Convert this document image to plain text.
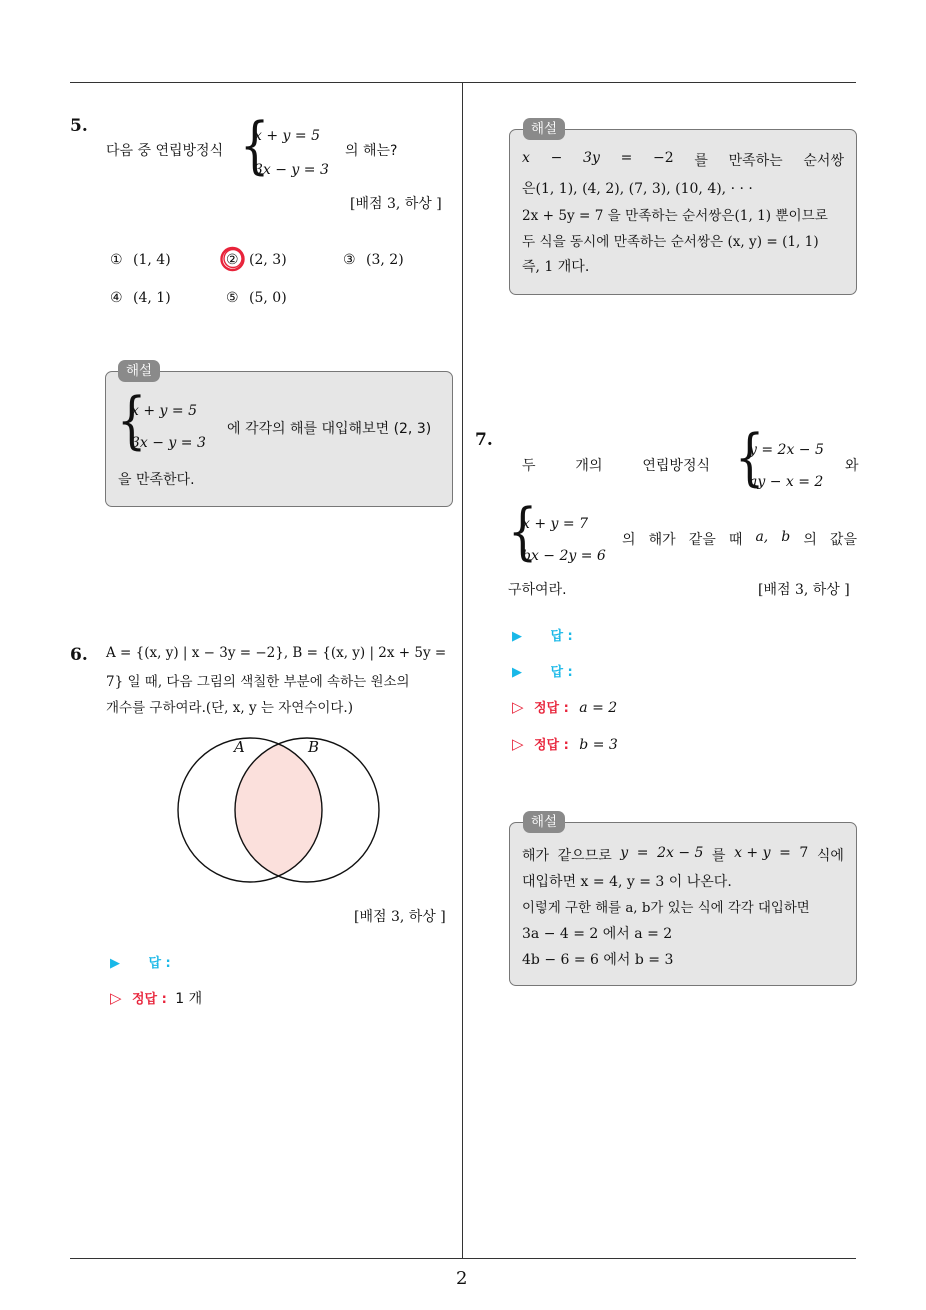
2
5.
다음 중 연립방정식 {
x + y = 5
3x − y = 3
의 해는?
[배점 3, 하상 ]
① (1, 4)	② (2, 3)	③ (3, 2)
④ (4, 1)	⑤ (5, 0)
해설
{
x + y = 5
3x − y = 3
에 각각의 해를 대입해보면 (2, 3)
을 만족한다.
해설
x − 3y = −2 를 만족하는 순서쌍
은(1, 1), (4, 2), (7, 3), (10, 4), · · ·
2x + 5y = 7 을 만족하는 순서쌍은(1, 1) 뿐이므로
두 식을 동시에 만족하는 순서쌍은 (x, y) = (1, 1)
즉, 1 개다.
6. A = {(x, y) | x − 3y = −2}, B = {(x, y) | 2x + 5y =
7} 일 때, 다음 그림의 색칠한 부분에 속하는 원소의
개수를 구하여라.(단, x, y 는 자연수이다.)
A	B
[배점 3, 하상 ]
▶ 답 :
▷ 정답 : 1 개
7.
두	개의	연립방정식 {
y = 2x − 5
ay − x = 2
와
{
x + y = 7
bx − 2y = 6
의 해가 같을 때 a, b 의 값을
구하여라.	[배점 3, 하상 ]
▶ 답 :
▶ 답 :
▷ 정답 : a = 2
▷ 정답 : b = 3
해설
해가 같으므로 y = 2x − 5 를 x + y = 7 식에
대입하면 x = 4, y = 3 이 나온다.
이렇게 구한 해를 a, b가 있는 식에 각각 대입하면
3a − 4 = 2 에서 a = 2
4b − 6 = 6 에서 b = 3
